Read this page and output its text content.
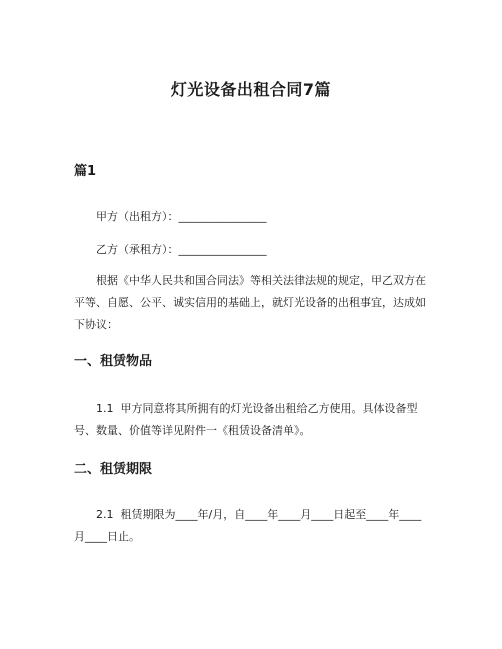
灯光设备出租合同7篇
篇1

甲方（出租方）：________________

乙方（承租方）：________________

根据《中华人民共和国合同法》等相关法律法规的规定，甲乙双方在平等、自愿、公平、诚实信用的基础上，就灯光设备的出租事宜，达成如下协议：

一、租赁物品

1.1  甲方同意将其所拥有的灯光设备出租给乙方使用。具体设备型号、数量、价值等详见附件一《租赁设备清单》。

二、租赁期限

2.1  租赁期限为____年/月，自____年____月____日起至____年____月____日止。
